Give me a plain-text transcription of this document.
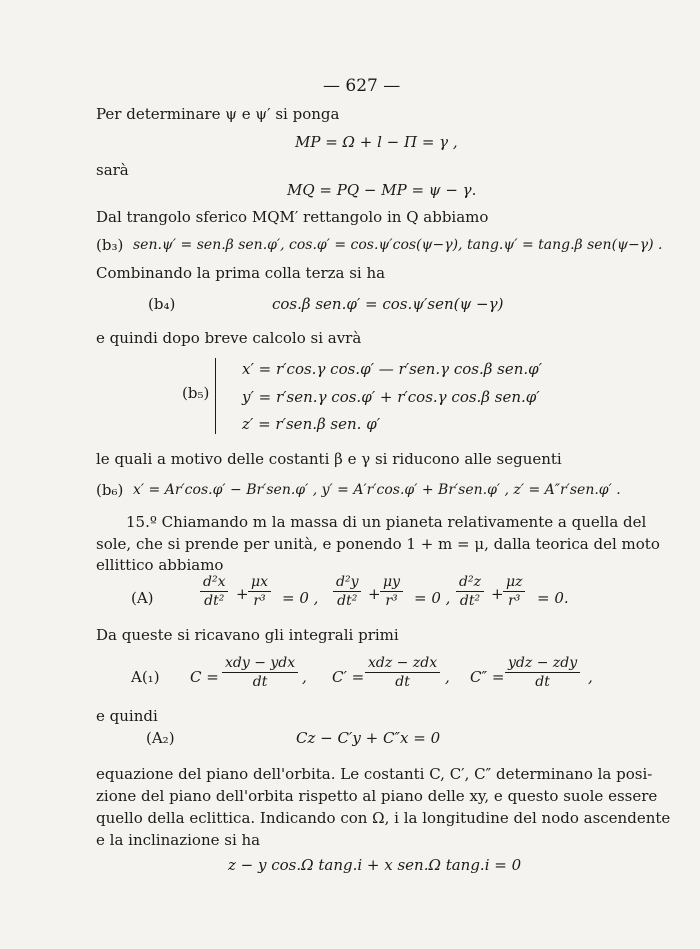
— 627 —
Per determinare ψ e ψ′ si ponga
MP = Ω + l − Π = γ ,
sarà
MQ = PQ − MP = ψ − γ.
Dal trangolo sferico MQM′ rettangolo in Q abbiamo
(b₃) sen.ψ′ = sen.β sen.φ′, cos.φ′ = cos.ψ′cos(ψ−γ), tang.ψ′ = tang.β sen(ψ−γ) .
Combinando la prima colla terza si ha
(b₄)	cos.β sen.φ′ = cos.ψ′sen(ψ −γ)
e quindi dopo breve calcolo si avrà
(b₅)
x′ = r′cos.γ cos.φ′ — r′sen.γ cos.β sen.φ′
y′ = r′sen.γ cos.φ′ + r′cos.γ cos.β sen.φ′
z′ = r′sen.β sen. φ′
le quali a motivo delle costanti β e γ si riducono alle seguenti
(b₆) x′ = Ar′cos.φ′ − Br′sen.φ′ , y′ = A′r′cos.φ′ + Br′sen.φ′ , z′ = A″r′sen.φ′ .
15.º Chiamando m la massa di un pianeta relativamente a quella del
sole, che si prende per unità, e ponendo 1 + m = μ, dalla teorica del moto
ellittico abbiamo
(A)	$\frac{\text{d²x}}{\text{dt²}} + \frac{\mu x}{\text{r³}} = 0$ , $\frac{\text{d²y}}{\text{dt²}} + \frac{\mu y}{\text{r³}} = 0$ , $\frac{\text{d²z}}{\text{dt²}} + \frac{\mu z}{\text{r³}} = 0$.
Da queste si ricavano gli integrali primi
A(₁) C =
xdy − ydx
dt	, C′ =
xdz − zdx
dt	, C″ =
ydz − zdy
dt	,
e quindi
(A₂)	Cz − C′y + C″x = 0
equazione del piano dell'orbita. Le costanti C, C′, C″ determinano la posi-
zione del piano dell'orbita rispetto al piano delle xy, e questo suole essere
quello della eclittica. Indicando con Ω, i la longitudine del nodo ascendente
e la inclinazione si ha
z − y cos.Ω tang.i + x sen.Ω tang.i = 0
